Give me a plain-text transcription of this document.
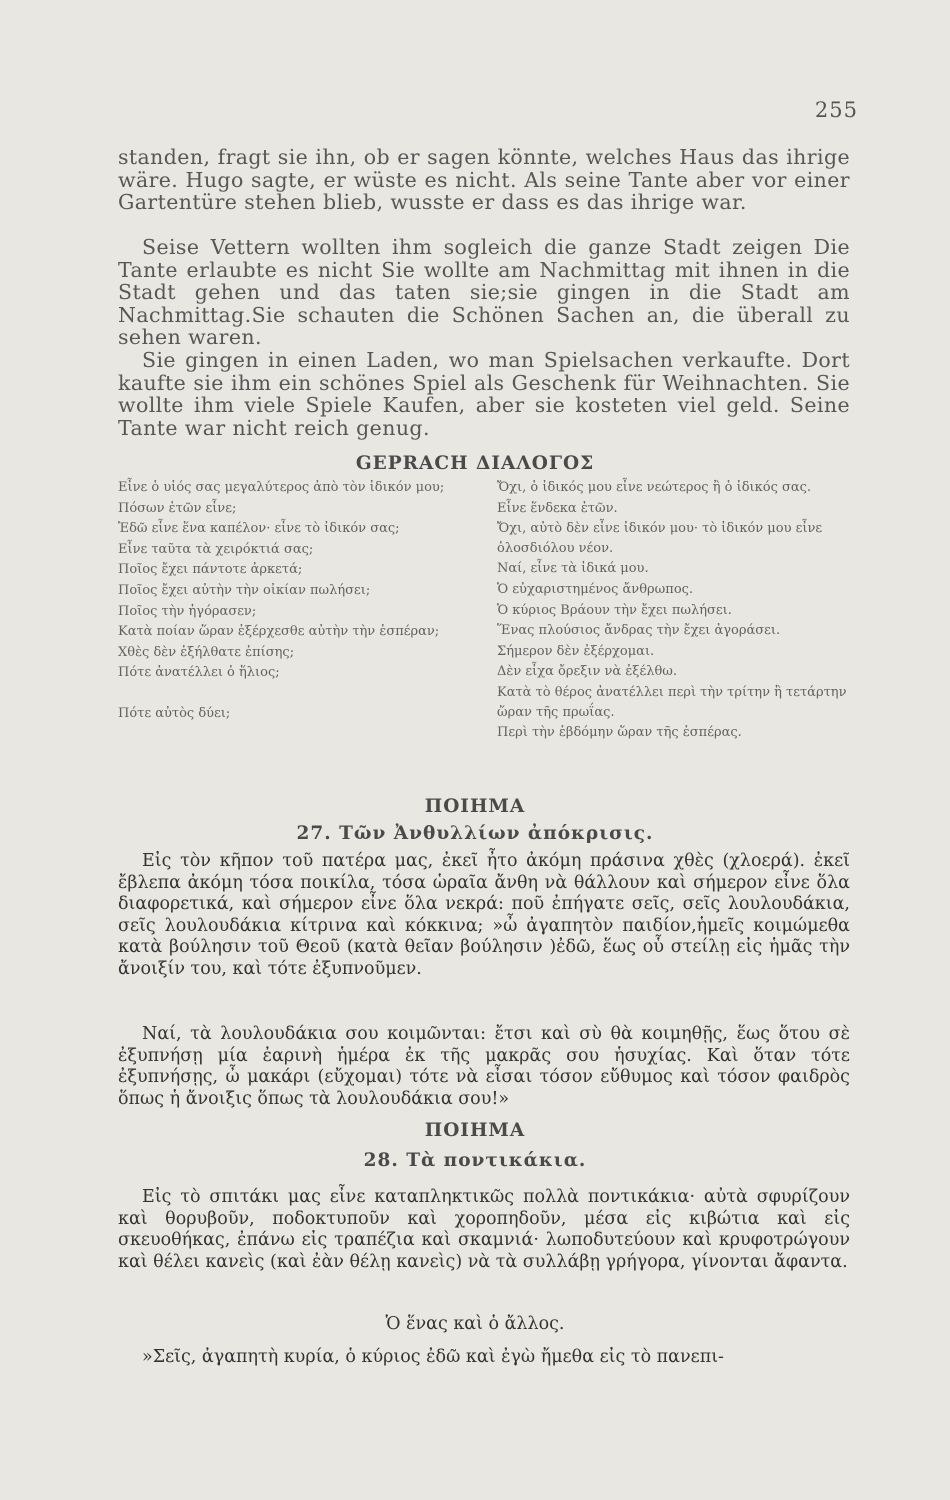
255

standen, fragt sie ihn, ob er sagen könnte, welches Haus das ihrige wäre. Hugo sagte, er wüste es nicht. Als seine Tante aber vor einer Gartentüre stehen blieb, wusste er dass es das ihrige war.

Seise Vettern wollten ihm sogleich die ganze Stadt zeigen Die Tante erlaubte es nicht Sie wollte am Nachmittag mit ihnen in die Stadt gehen und das taten sie;sie gingen in die Stadt am Nachmittag.Sie schauten die Schönen Sachen an, die überall zu sehen waren.

Sie gingen in einen Laden, wo man Spielsachen verkaufte. Dort kaufte sie ihm ein schönes Spiel als Geschenk für Weihnachten. Sie wollte ihm viele Spiele Kaufen, aber sie kosteten viel geld. Seine Tante war nicht reich genug.

GEPRACH ΔΙΑΛΟΓΟΣ
Εἶνε ὁ υἱός σας μεγαλύτερος ἀπὸ τὸν ἰδικόν μου;
Πόσων ἐτῶν εἶνε;
Ἐδῶ εἶνε ἕνα καπέλον· εἶνε τὸ ἰδικόν σας;
Εἶνε ταῦτα τὰ χειρόκτιά σας;
Ποῖος ἔχει πάντοτε ἀρκετά;
Ποῖος ἔχει αὐτὴν τὴν οἰκίαν πωλήσει;
Ποῖος τὴν ἠγόρασεν;
Κατὰ ποίαν ὥραν ἐξέρχεσθε αὐτὴν τὴν ἑσπέραν;
Χθὲς δὲν ἐξήλθατε ἐπίσης;
Πότε ἀνατέλλει ὁ ἥλιος;
Πότε αὐτὸς δύει;
Ὄχι, ὁ ἰδικός μου εἶνε νεώτερος ἢ ὁ ἰδικός σας.
Εἶνε ἕνδεκα ἐτῶν.
Ὄχι, αὐτὸ δὲν εἶνε ἰδικόν μου· τὸ ἰδικόν μου εἶνε ὁλοσδιόλου νέον.
Ναί, εἶνε τὰ ἰδικά μου.
Ὁ εὐχαριστημένος ἄνθρωπος.
Ὁ κύριος Βράουν τὴν ἔχει πωλήσει.
Ἕνας πλούσιος ἄνδρας τὴν ἔχει ἀγοράσει.
Σήμερον δὲν ἐξέρχομαι.
Δὲν εἶχα ὄρεξιν νὰ ἐξέλθω.
Κατὰ τὸ θέρος ἀνατέλλει περὶ τὴν τρίτην ἢ τετάρτην ὥραν τῆς πρωΐας.
Περὶ τὴν ἑβδόμην ὥραν τῆς ἑσπέρας.
ΠΟΙΗΜΑ
27. Τῶν Ἀνθυλλίων ἀπόκρισις.

Εἰς τὸν κῆπον τοῦ πατέρα μας, ἐκεῖ ἦτο ἀκόμη πράσινα χθὲς (χλοερά). ἐκεῖ ἔβλεπα ἀκόμη τόσα ποικίλα, τόσα ὡραῖα ἄνθη νὰ θάλλουν καὶ σήμερον εἶνε ὅλα διαφορετικά, καὶ σήμερον εἶνε ὅλα νεκρά: ποῦ ἐπήγατε σεῖς, σεῖς λουλουδάκια, σεῖς λουλουδάκια κίτρινα καὶ κόκκινα; »ὦ ἀγαπητὸν παιδίον,ἡμεῖς κοιμώμεθα κατὰ βούλησιν τοῦ Θεοῦ (κατὰ θεῖαν βούλησιν )ἐδῶ, ἕως οὗ στείλῃ εἰς ἡμᾶς τὴν ἄνοιξίν του, καὶ τότε ἐξυπνοῦμεν.

Ναί, τὰ λουλουδάκια σου κοιμῶνται: ἔτσι καὶ σὺ θὰ κοιμηθῇς, ἕως ὅτου σὲ ἐξυπνήσῃ μία ἐαρινὴ ἡμέρα ἐκ τῆς μακρᾶς σου ἡσυχίας. Καὶ ὅταν τότε ἐξυπνήσῃς, ὦ μακάρι (εὔχομαι) τότε νὰ εἶσαι τόσον εὔθυμος καὶ τόσον φαιδρὸς ὅπως ἡ ἄνοιξις ὅπως τὰ λουλουδάκια σου!»

ΠΟΙΗΜΑ
28. Τὰ ποντικάκια.

Εἰς τὸ σπιτάκι μας εἶνε καταπληκτικῶς πολλὰ ποντικάκια· αὐτὰ σφυρίζουν καὶ θορυβοῦν, ποδοκτυποῦν καὶ χοροπηδοῦν, μέσα εἰς κιβώτια καὶ εἰς σκευοθήκας, ἐπάνω εἰς τραπέζια καὶ σκαμνιά· λωποδυτεύουν καὶ κρυφοτρώγουν καὶ θέλει κανεὶς (καὶ ἐὰν θέλῃ κανεὶς) νὰ τὰ συλλάβῃ γρήγορα, γίνονται ἄφαντα.

Ὁ ἕνας καὶ ὁ ἄλλος.

»Σεῖς, ἀγαπητὴ κυρία, ὁ κύριος ἐδῶ καὶ ἐγὼ ἤμεθα εἰς τὸ πανεπι-
